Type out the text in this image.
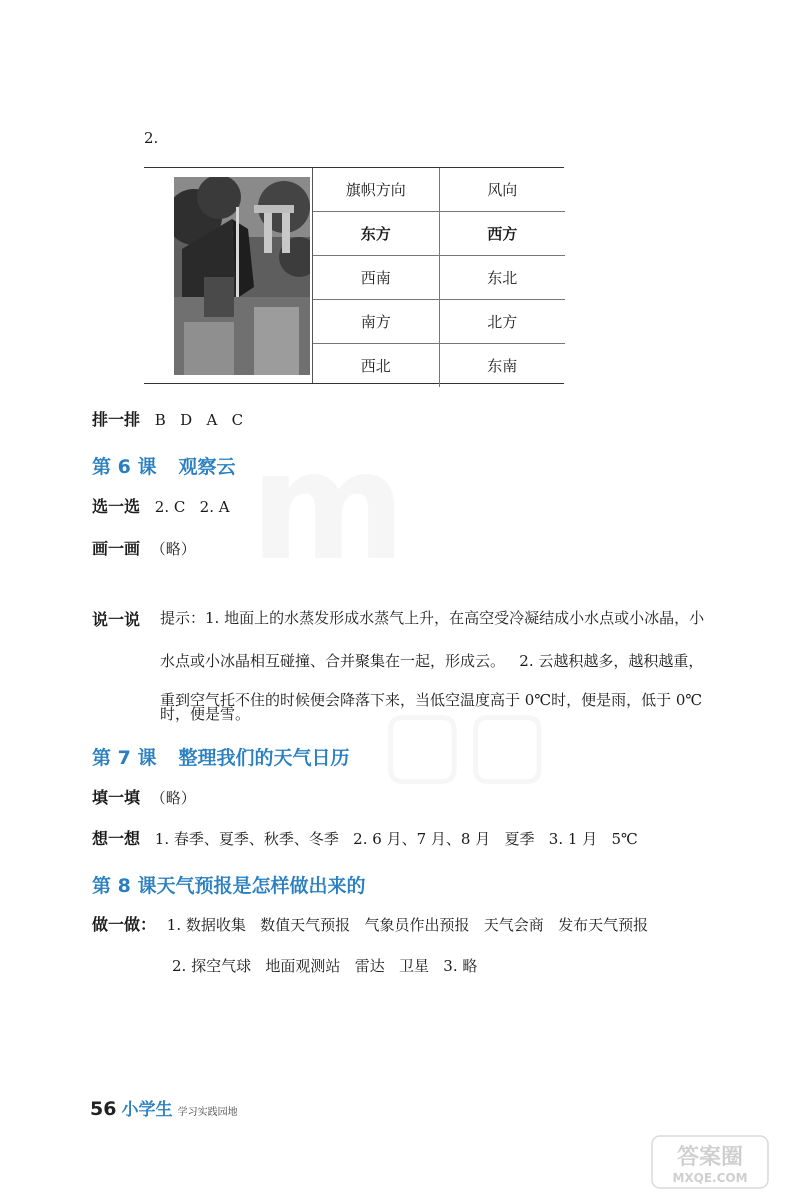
2.
旗帜方向	风向
东方	西方
西南	东北
南方	北方
西北	东南
排一排 B   D   A   C
第 6 课 观察云
选一选 2. C   2. A
画一画 （略）
说一说 提示：1. 地面上的水蒸发形成水蒸气上升，在高空受冷凝结成小水点或小冰晶，小
水点或小冰晶相互碰撞、合并聚集在一起，形成云。   2. 云越积越多，越积越重，
重到空气托不住的时候便会降落下来，当低空温度高于 0℃时，便是雨，低于 0℃
时，便是雪。
第 7 课 整理我们的天气日历
填一填 （略）
想一想 1. 春季、夏季、秋季、冬季   2. 6 月、7 月、8 月   夏季   3. 1 月   5℃
第 8 课天气预报是怎样做出来的
做一做： 1. 数据收集   数值天气预报   气象员作出预报   天气会商   发布天气预报
2. 探空气球   地面观测站   雷达   卫星   3. 略
56 小学生 学习实践园地
答案圈
MXQE.COM
